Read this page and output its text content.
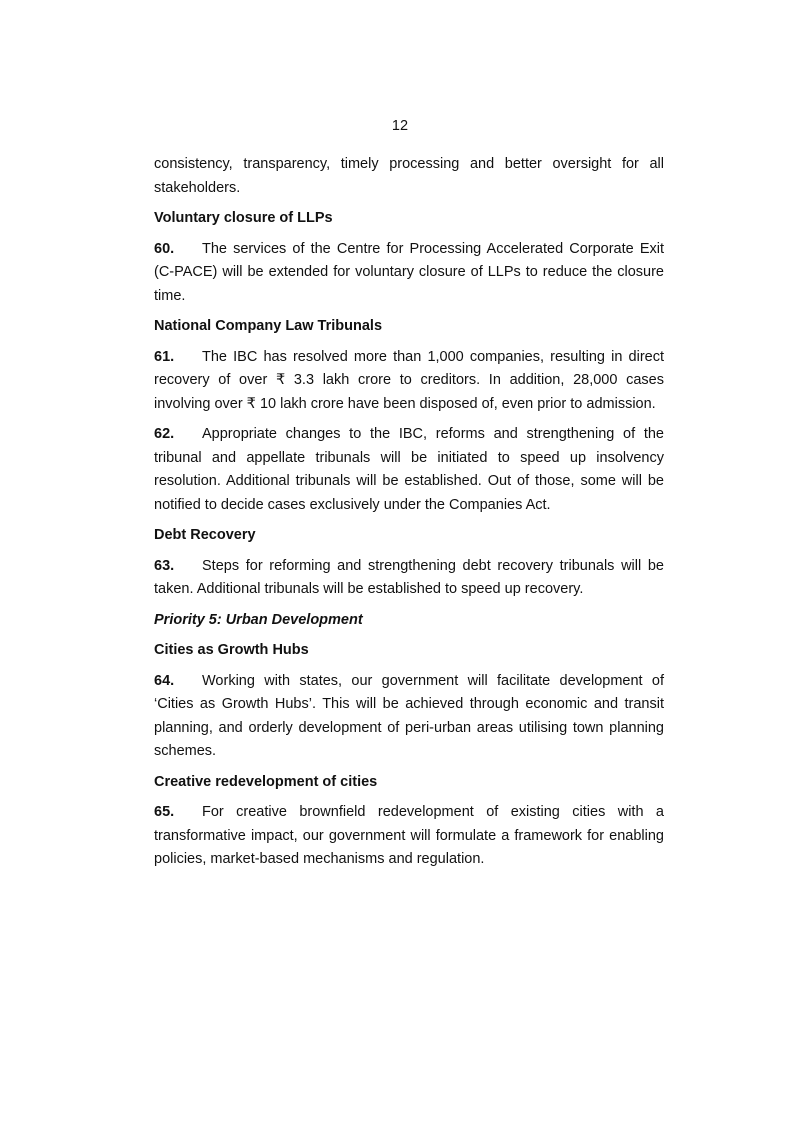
12

consistency, transparency, timely processing and better oversight for all stakeholders.

Voluntary closure of LLPs

60. The services of the Centre for Processing Accelerated Corporate Exit (C-PACE) will be extended for voluntary closure of LLPs to reduce the closure time.

National Company Law Tribunals

61. The IBC has resolved more than 1,000 companies, resulting in direct recovery of over ₹ 3.3 lakh crore to creditors. In addition, 28,000 cases involving over ₹ 10 lakh crore have been disposed of, even prior to admission.

62. Appropriate changes to the IBC, reforms and strengthening of the tribunal and appellate tribunals will be initiated to speed up insolvency resolution. Additional tribunals will be established. Out of those, some will be notified to decide cases exclusively under the Companies Act.

Debt Recovery

63. Steps for reforming and strengthening debt recovery tribunals will be taken. Additional tribunals will be established to speed up recovery.

Priority 5: Urban Development

Cities as Growth Hubs

64. Working with states, our government will facilitate development of ‘Cities as Growth Hubs’. This will be achieved through economic and transit planning, and orderly development of peri-urban areas utilising town planning schemes.

Creative redevelopment of cities

65. For creative brownfield redevelopment of existing cities with a transformative impact, our government will formulate a framework for enabling policies, market-based mechanisms and regulation.
